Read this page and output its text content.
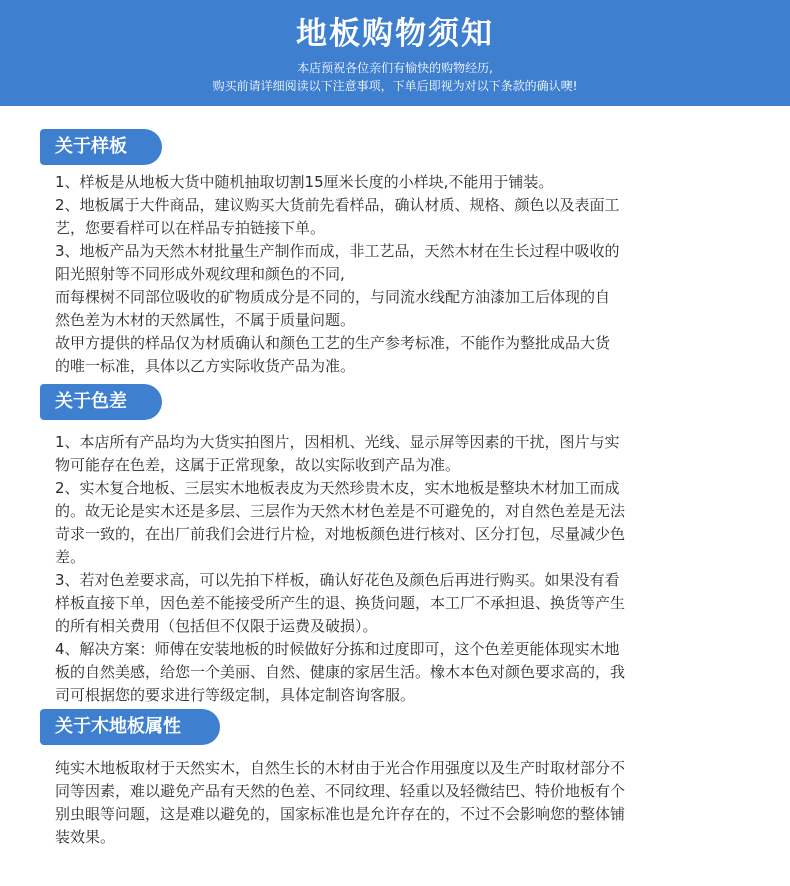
地板购物须知
本店预祝各位亲们有愉快的购物经历,
购买前请详细阅读以下注意事项，下单后即视为对以下条款的确认噢!
关于样板
1、样板是从地板大货中随机抽取切割15厘米长度的小样块,不能用于铺装。
2、地板属于大件商品，建议购买大货前先看样品，确认材质、规格、颜色以及表面工
艺，您要看样可以在样品专拍链接下单。
3、地板产品为天然木材批量生产制作而成，非工艺品，天然木材在生长过程中吸收的
阳光照射等不同形成外观纹理和颜色的不同,
而每棵树不同部位吸收的矿物质成分是不同的，与同流水线配方油漆加工后体现的自
然色差为木材的天然属性，不属于质量问题。
故甲方提供的样品仅为材质确认和颜色工艺的生产参考标准，不能作为整批成品大货
的唯一标准，具体以乙方实际收货产品为准。
关于色差
1、本店所有产品均为大货实拍图片，因相机、光线、显示屏等因素的干扰，图片与实
物可能存在色差，这属于正常现象，故以实际收到产品为准。
2、实木复合地板、三层实木地板表皮为天然珍贵木皮，实木地板是整块木材加工而成
的。故无论是实木还是多层、三层作为天然木材色差是不可避免的，对自然色差是无法
苛求一致的，在出厂前我们会进行片检，对地板颜色进行核对、区分打包，尽量减少色
差。
3、若对色差要求高，可以先拍下样板，确认好花色及颜色后再进行购买。如果没有看
样板直接下单，因色差不能接受所产生的退、换货问题，本工厂不承担退、换货等产生
的所有相关费用（包括但不仅限于运费及破损）。
4、解决方案：师傅在安装地板的时候做好分拣和过度即可，这个色差更能体现实木地
板的自然美感，给您一个美丽、自然、健康的家居生活。橡木本色对颜色要求高的，我
司可根据您的要求进行等级定制，具体定制咨询客服。
关于木地板属性
纯实木地板取材于天然实木，自然生长的木材由于光合作用强度以及生产时取材部分不
同等因素，难以避免产品有天然的色差、不同纹理、轻重以及轻微结巴、特价地板有个
别虫眼等问题，这是难以避免的，国家标准也是允许存在的，不过不会影响您的整体铺
装效果。
